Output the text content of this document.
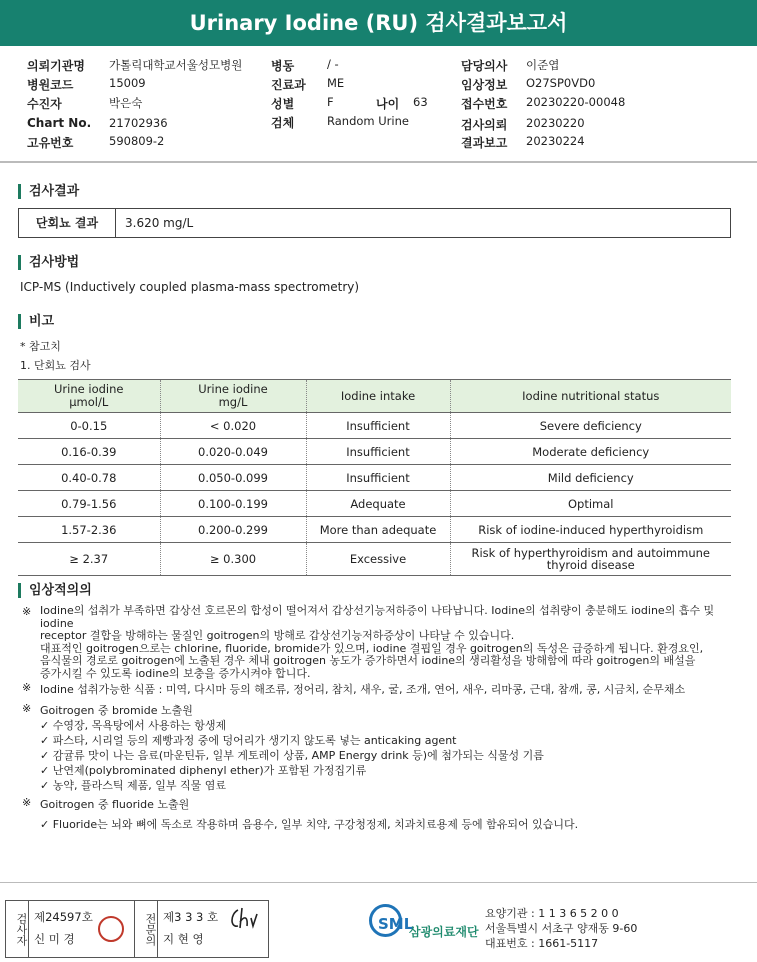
Urinary Iodine (RU) 검사결과보고서
의뢰기관명 가톨릭대학교서울성모병원
병원코드	15009
수진자	박은숙
Chart No. 21702936
고유번호	590809-2
병동	/ -
진료과 ME
성별	F
검체	Random Urine
담당의사 이준엽
임상정보 O27SP0VD0
접수번호 20230220-00048
검사의뢰 20230220
결과보고 20230224
나이 63
검사결과
단회뇨 결과	3.620 mg/L
검사방법
ICP-MS (Inductively coupled plasma-mass spectrometry)
비고
* 참고치
1. 단회뇨 검사
Urine iodine
μmol/L	Urine iodine
mg/L	Iodine intake	Iodine nutritional status
0-0.15	< 0.020	Insufficient	Severe deficiency
0.16-0.39	0.020-0.049	Insufficient	Moderate deficiency
0.40-0.78	0.050-0.099	Insufficient	Mild deficiency
0.79-1.56	0.100-0.199	Adequate	Optimal
1.57-2.36	0.200-0.299	More than adequate	Risk of iodine-induced hyperthyroidism
≥ 2.37	≥ 0.300	Excessive	Risk of hyperthyroidism and autoimmune
thyroid disease
임상적의의
※ Iodine의 섭취가 부족하면 갑상선 호르몬의 합성이 떨어져서 갑상선기능저하증이 나타납니다. Iodine의 섭취량이 충분해도 iodine의 흡수 및 iodine
receptor 결합을 방해하는 물질인 goitrogen의 방해로 갑상선기능저하증상이 나타날 수 있습니다.
대표적인 goitrogen으로는 chlorine, fluoride, bromide가 있으며, iodine 결핍일 경우 goitrogen의 독성은 급증하게 됩니다. 환경요인,
음식물의 경로로 goitrogen에 노출된 경우 체내 goitrogen 농도가 증가하면서 iodine의 생리활성을 방해함에 따라 goitrogen의 배설을
증가시킬 수 있도록 iodine의 보충을 증가시켜야 합니다.
※ Iodine 섭취가능한 식품 : 미역, 다시마 등의 해조류, 정어리, 참치, 새우, 굴, 조개, 연어, 새우, 리마콩, 근대, 참깨, 콩, 시금치, 순무채소
※ Goitrogen 중 bromide 노출원
✓ 수영장, 목욕탕에서 사용하는 항생제
✓ 파스타, 시리얼 등의 제빵과정 중에 덩어리가 생기지 않도록 넣는 anticaking agent
✓ 감귤류 맛이 나는 음료(마운틴듀, 일부 게토레이 상품, AMP Energy drink 등)에 첨가되는 식물성 기름
✓ 난연제(polybrominated diphenyl ether)가 포함된 가정집기류
✓ 농약, 플라스틱 제품, 일부 직물 염료
※ Goitrogen 중 fluoride 노출원
✓ Fluoride는 뇌와 뼈에 독소로 작용하며 음용수, 일부 치약, 구강청정제, 치과치료용제 등에 함유되어 있습니다.
검사자 제24597호
신 미 경	전문의 제3 3 3 호
지 현 영
SML
삼광의료재단
요양기관 : 1 1 3 6 5 2 0 0
서울특별시 서초구 양재동 9-60
대표번호 : 1661-5117
